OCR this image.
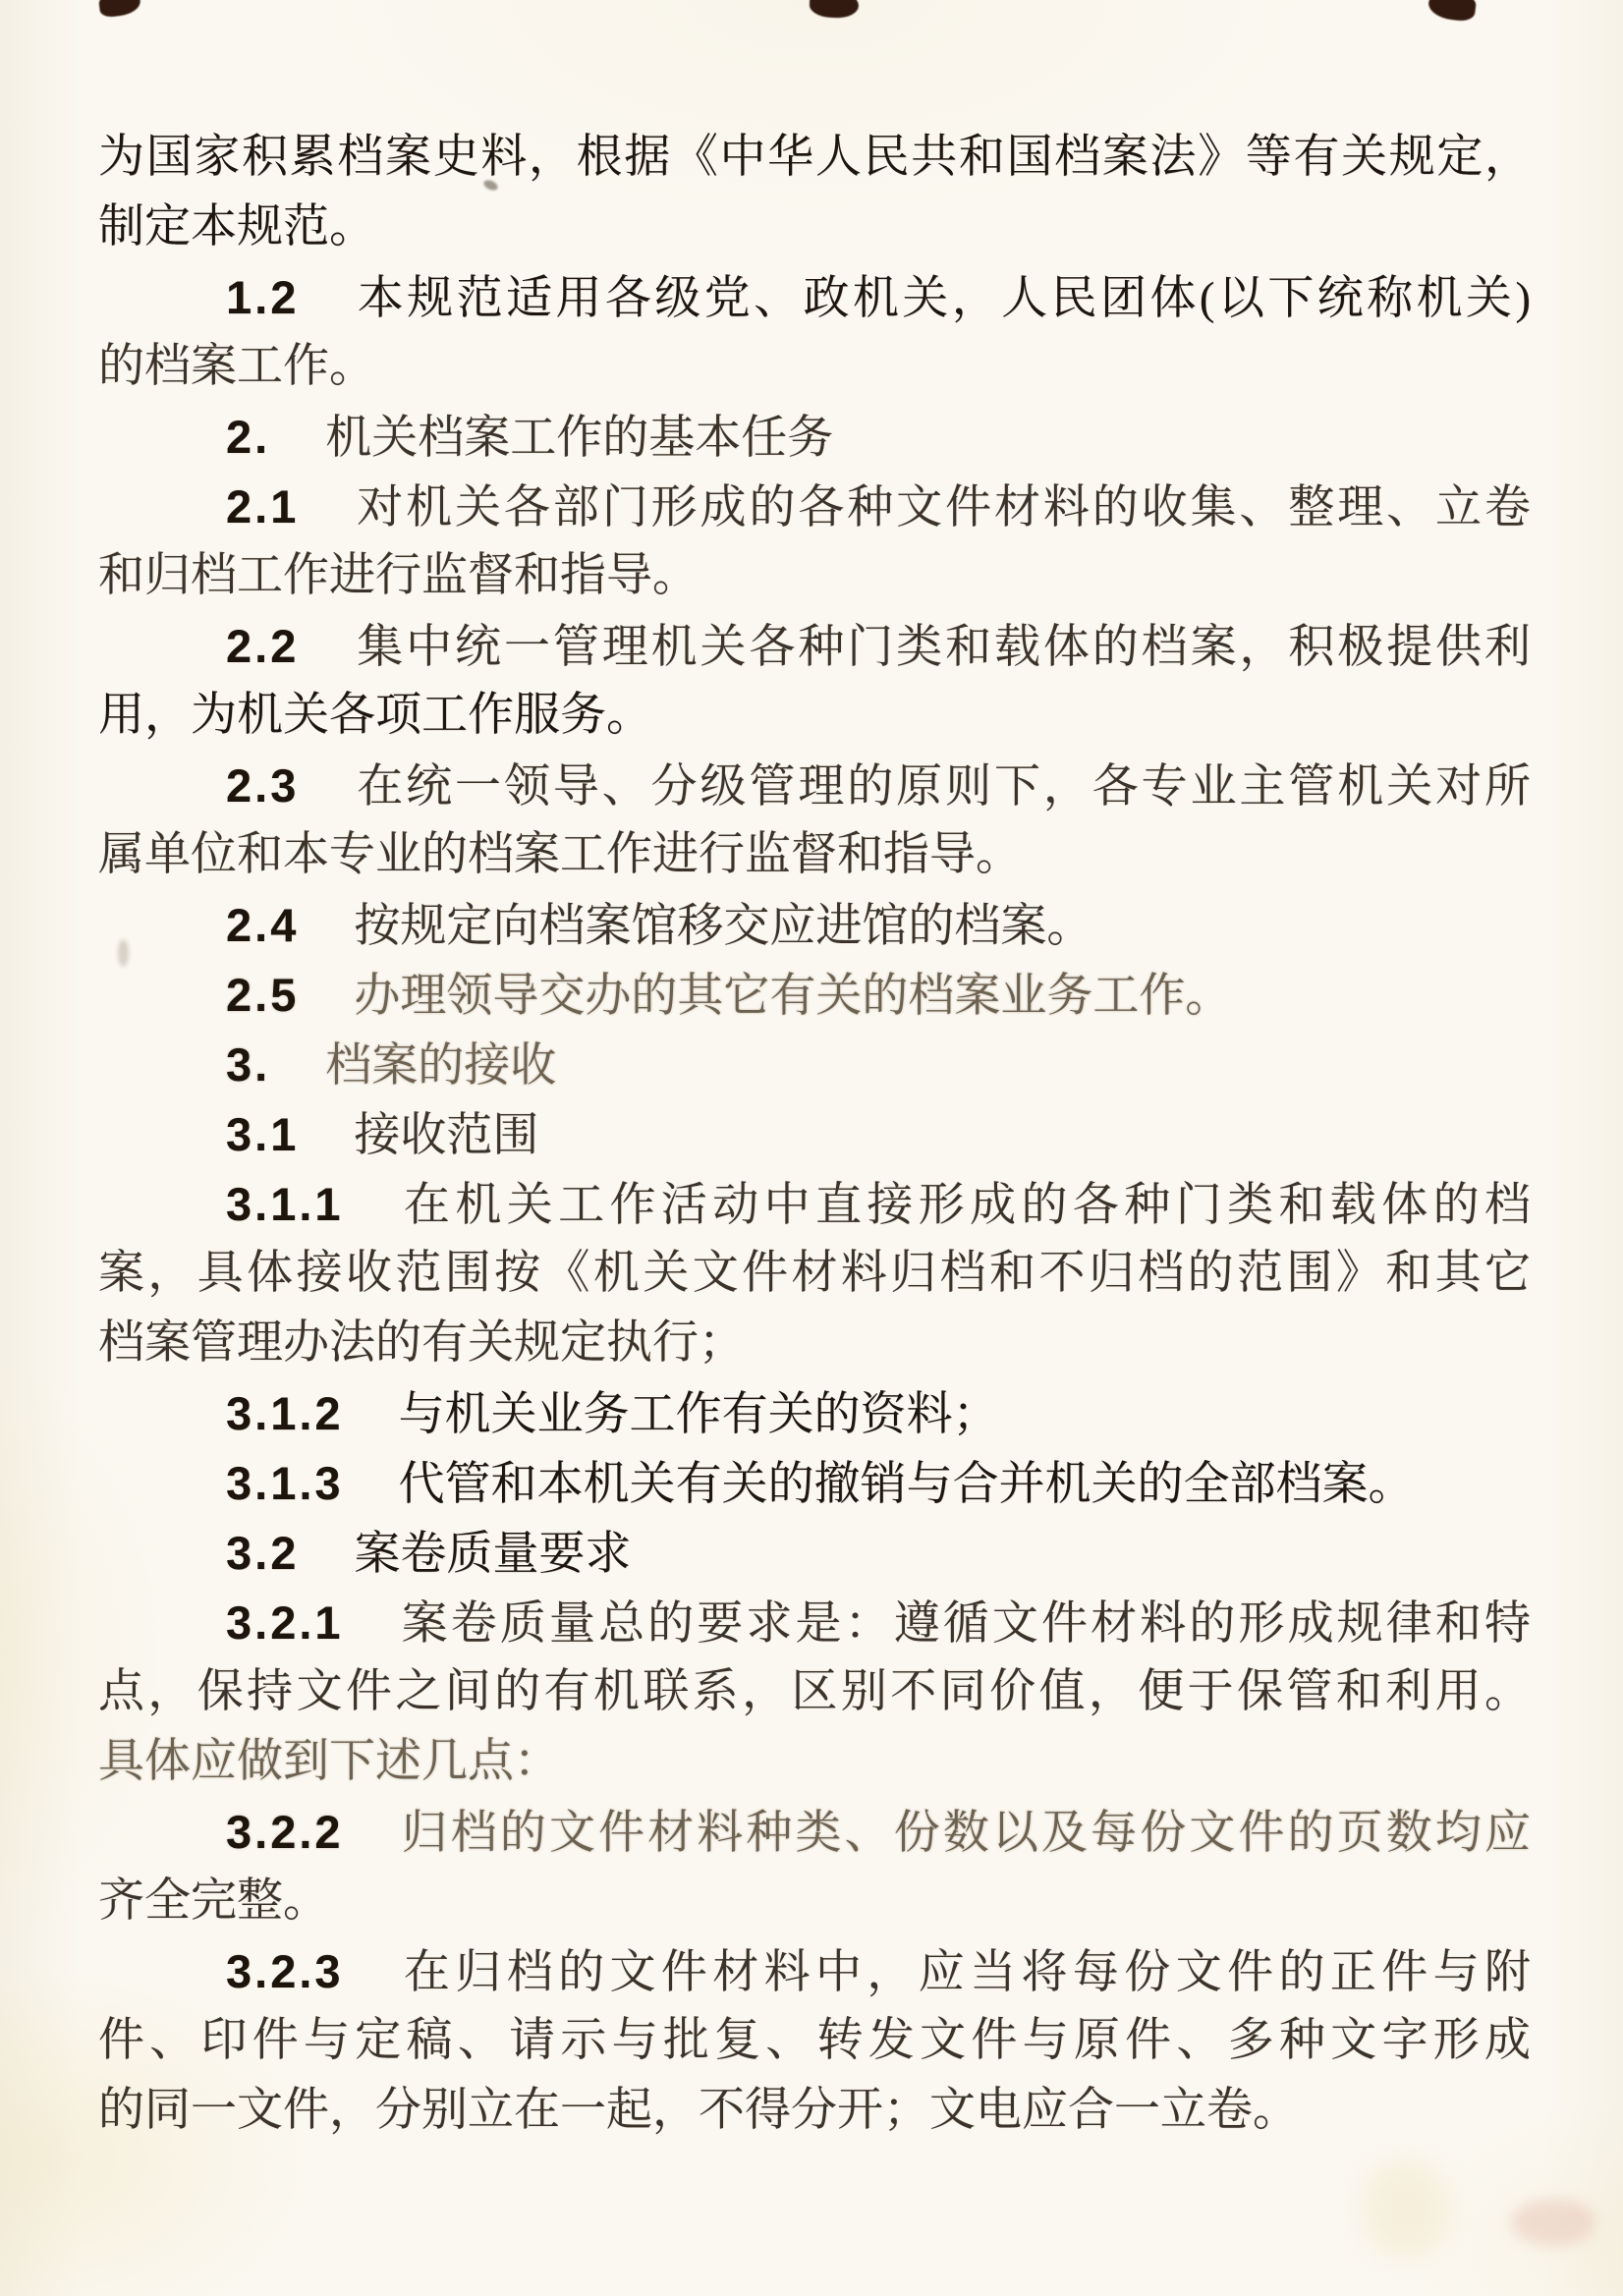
为国家积累档案史料，根据《中华人民共和国档案法》等有关规定，
制定本规范。
1.2 本规范适用各级党、政机关，人民团体(以下统称机关)
的档案工作。
2. 机关档案工作的基本任务
2.1 对机关各部门形成的各种文件材料的收集、整理、立卷
和归档工作进行监督和指导。
2.2 集中统一管理机关各种门类和载体的档案，积极提供利
用，为机关各项工作服务。
2.3 在统一领导、分级管理的原则下，各专业主管机关对所
属单位和本专业的档案工作进行监督和指导。
2.4 按规定向档案馆移交应进馆的档案。
2.5 办理领导交办的其它有关的档案业务工作。
3. 档案的接收
3.1 接收范围
3.1.1 在机关工作活动中直接形成的各种门类和载体的档
案，具体接收范围按《机关文件材料归档和不归档的范围》和其它
档案管理办法的有关规定执行；
3.1.2 与机关业务工作有关的资料；
3.1.3 代管和本机关有关的撤销与合并机关的全部档案。
3.2 案卷质量要求
3.2.1 案卷质量总的要求是：遵循文件材料的形成规律和特
点，保持文件之间的有机联系，区别不同价值，便于保管和利用。
具体应做到下述几点：
3.2.2 归档的文件材料种类、份数以及每份文件的页数均应
齐全完整。
3.2.3 在归档的文件材料中，应当将每份文件的正件与附
件、印件与定稿、请示与批复、转发文件与原件、多种文字形成
的同一文件，分别立在一起，不得分开；文电应合一立卷。
